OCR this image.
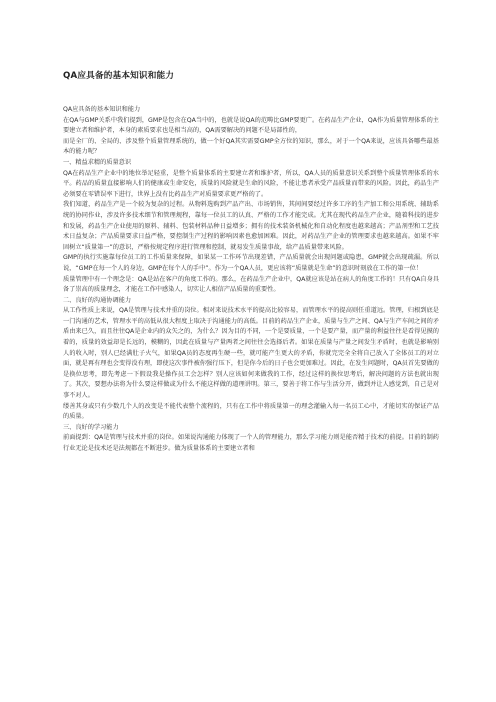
QA应具备的基本知识和能力

QA应具备的基本知识和能力

在QA与GMP关系中我们提到，GMP是包含在QA当中的，也就是说QA的范畴比GMP要更广。在药品生产企业，QA作为质量管理体系的主要建立者和维护者，本身的素质要求也是相当高的，QA需要解决的问题不是局部性的，

而是全厂的、全局的、涉及整个质量管理系统的，做一个好QA其实需要GMP全方位的知识，那么，对于一个QA来说，应该具备哪些最基本的能力呢？

一、精益求精的质量意识

QA在药品生产企业中的地位举足轻重，是整个质量体系的主要建立者和维护者，所以，QA人员的质量意识关系到整个质量管理体系的水平。药品的质量直接影响人们的健康或生命安危，质量的风险就是生命的风险，不能让患者承受产品质量而带来的风险。因此，药品生产必须要在零错误率下进行，世界上没有比药品生产对质量要求更严格的了。

我们知道，药品生产是一个较为复杂的过程。从物料选购到产品产出、市场销售，其间间要经过许多工序的生产加工和公用系统、辅助系统的协同作业，涉及许多技术细节和管理规程，靠每一位员工的认真、严格的工作才能完成。尤其在现代药品生产企业，随着科技的进步和发展，药品生产企业使用的原料、辅料、包装材料品种日益增多；拥有的技术装备机械化和自动化程度也越来越高；产品剂型和工艺技术日益复杂；产品质量要求日益严格，要控制生产过程的影响因素也愈加困难。因此，对药品生产企业的管理要求也越来越高。如果不牢固树立“质量第一”的意识，严格按规定程序进行管理和控制，就易发生质量事故，给产品质量带来风险。

GMP的执行实施靠每位员工的工作质量来保障，如果某一工作环节出现差错，产品质量就会出现问题或隐患，GMP就会出现疏漏。所以说，“GMP在每一个人的身边，GMP在每个人的手中”。作为一个QA人员，更应该将“质量就是生命”的意识时刻放在工作的第一位！

质量管理中有一个理念是：QA是站在客户的角度工作的。那么，在药品生产企业中，QA就应该是站在病人的角度工作的！只有QA自身具备了崇高的质量理念，才能在工作中感染人，切实让人相信产品质量的重要性。

二、良好的沟通协调能力

从工作性质上来说，QA是管理与技术并重的岗位。相对来说技术水平的提高比较容易，而管理水平的提高则任重道远。管理，归根到底是一门沟通的艺术，管理水平的高低从很大程度上取决于沟通能力的高低。目前的药品生产企业，质量与生产之间、QA与生产车间之间的矛盾由来已久，而且往往QA是企业内的众矢之的，为什么？因为目的不同，一个是要质量，一个是要产量，而产量的利益往往是看得见摸的着的，质量的效益却是长远的，模糊的，因此在质量与产量两者之间往往会选择后者。如果在质量与产量之间发生矛盾时，也就是影响别人的收入时，别人已经满肚子火气，如果QA员的态度再生硬一些，就可能产生更大的矛盾，你就完完全全将自己放入了全体员工的对立面，就是再有理也会变得没有理，即使这次事件被你强行压下，但是你今后的日子也会更加难过。因此，在发生问题时，QA员首先要做的是换位思考，即先考虑一下假设我是操作员工会怎样？别人应该如何来做我的工作，经过这样的换位思考后，解决问题的方法也就出现了。其次，要想办法将为什么要这样做或为什么不能这样做的道理讲明。第三，要善于将工作与生活分开，做到并让人感觉到，自己是对事不对人。

缕善其身或只有少数几个人的改变是不能代表整个流程的，只有在工作中将质量第一的理念灌输入每一名员工心中，才能切实的保证产品的质量。

三、良好的学习能力

前面提到：QA是管理与技术并重的岗位。如果说沟通能力体现了一个人的管理能力，那么学习能力则是能否精于技术的前提。目前的制药行业无论是技术还是法规都在不断进步。做为质量体系的主要建立者和
